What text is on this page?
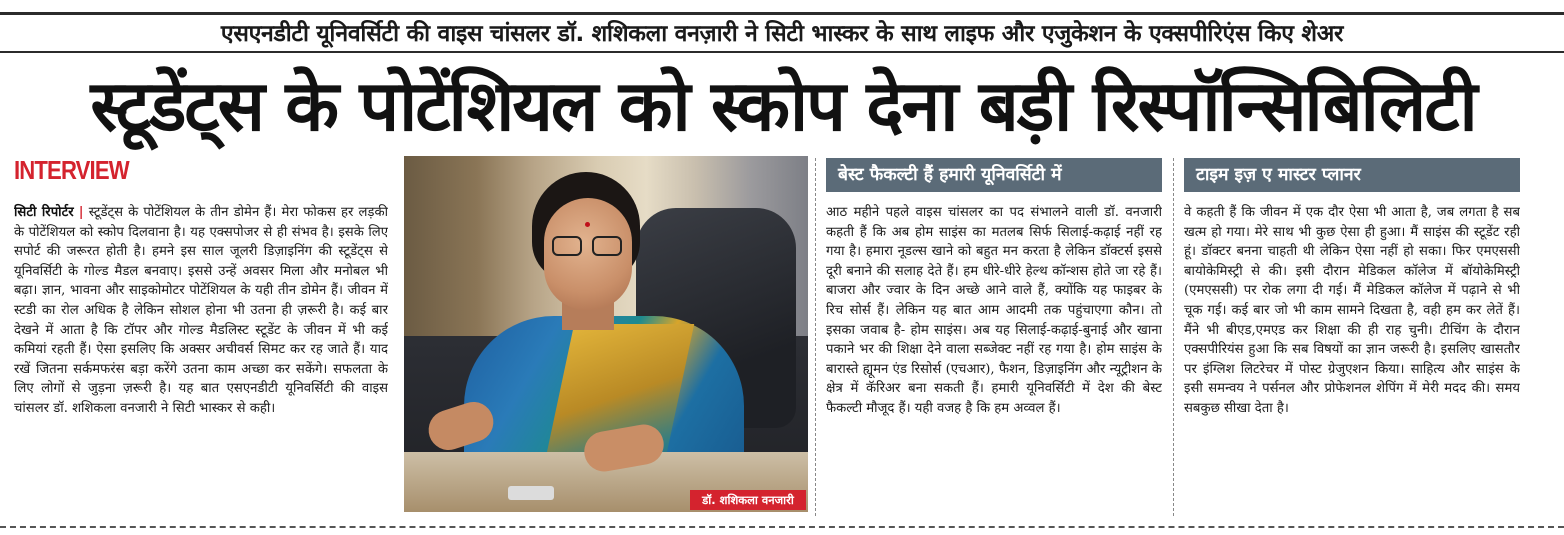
एसएनडीटी यूनिवर्सिटी की वाइस चांसलर डॉ. शशिकला वनज़ारी ने सिटी भास्कर के साथ लाइफ और एजुकेशन के एक्सपीरिएंस किए शेअर
स्टूडेंट्स के पोटेंशियल को स्कोप देना बड़ी रिस्पॉन्सिबिलिटी
INTERVIEW
सिटी रिपोर्टर | स्टूडेंट्स के पोटेंशियल के तीन डोमेन हैं। मेरा फोकस हर लड़की के पोटेंशियल को स्कोप दिलवाना है। यह एक्सपोजर से ही संभव है। इसके लिए सपोर्ट की जरूरत होती है। हमने इस साल जूलरी डिज़ाइनिंग की स्टूडेंट्स से यूनिवर्सिटी के गोल्ड मैडल बनवाए। इससे उन्हें अवसर मिला और मनोबल भी बढ़ा। ज्ञान, भावना और साइकोमोटर पोटेंशियल के यही तीन डोमेन हैं। जीवन में स्टडी का रोल अधिक है लेकिन सोशल होना भी उतना ही ज़रूरी है। कई बार देखने में आता है कि टॉपर और गोल्ड मैडलिस्ट स्टूडेंट के जीवन में भी कई कमियां रहती हैं। ऐसा इसलिए कि अक्सर अचीवर्स सिमट कर रह जाते हैं। याद रखें जितना सर्कमफरंस बड़ा करेंगे उतना काम अच्छा कर सकेंगे। सफलता के लिए लोगों से जुड़ना ज़रूरी है। यह बात एसएनडीटी यूनिवर्सिटी की वाइस चांसलर डॉ. शशिकला वनजारी ने सिटी भास्कर से कही।
डॉ. शशिकला वनजारी
बेस्ट फैकल्टी हैं हमारी यूनिवर्सिटी में
आठ महीने पहले वाइस चांसलर का पद संभालने वाली डॉ. वनजारी कहती हैं कि अब होम साइंस का मतलब सिर्फ सिलाई-कढ़ाई नहीं रह गया है। हमारा नूडल्स खाने को बहुत मन करता है लेकिन डॉक्टर्स इससे दूरी बनाने की सलाह देते हैं। हम धीरे-धीरे हेल्थ कॉन्शस होते जा रहे हैं। बाजरा और ज्वार के दिन अच्छे आने वाले हैं, क्योंकि यह फाइबर के रिच सोर्स हैं। लेकिन यह बात आम आदमी तक पहुंचाएगा कौन। तो इसका जवाब है- होम साइंस। अब यह सिलाई-कढ़ाई-बुनाई और खाना पकाने भर की शिक्षा देने वाला सब्जेक्ट नहीं रह गया है। होम साइंस के बारास्ते ह्यूमन एंड रिसोर्स (एचआर), फैशन, डिज़ाइनिंग और न्यूट्रीशन के क्षेत्र में कॅरिअर बना सकती हैं। हमारी यूनिवर्सिटी में देश की बेस्ट फैकल्टी मौजूद हैं। यही वजह है कि हम अव्वल हैं।
टाइम इज़ ए मास्टर प्लानर
वे कहती हैं कि जीवन में एक दौर ऐसा भी आता है, जब लगता है सब खत्म हो गया। मेरे साथ भी कुछ ऐसा ही हुआ। मैं साइंस की स्टूडेंट रही हूं। डॉक्टर बनना चाहती थी लेकिन ऐसा नहीं हो सका। फिर एमएससी बायोकेमिस्ट्री से की। इसी दौरान मेडिकल कॉलेज में बॉयोकेमिस्ट्री (एमएससी) पर रोक लगा दी गई। मैं मेडिकल कॉलेज में पढ़ाने से भी चूक गई। कई बार जो भी काम सामने दिखता है, वही हम कर लेतें हैं। मैंने भी बीएड,एमएड कर शिक्षा की ही राह चुनी। टीचिंग के दौरान एक्सपीरियंस हुआ कि सब विषयों का ज्ञान जरूरी है। इसलिए खासतौर पर इंग्लिश लिटरेचर में पोस्ट ग्रेजुएशन किया। साहित्य और साइंस के इसी समन्वय ने पर्सनल और प्रोफेशनल शेपिंग में मेरी मदद की। समय सबकुछ सीखा देता है।
